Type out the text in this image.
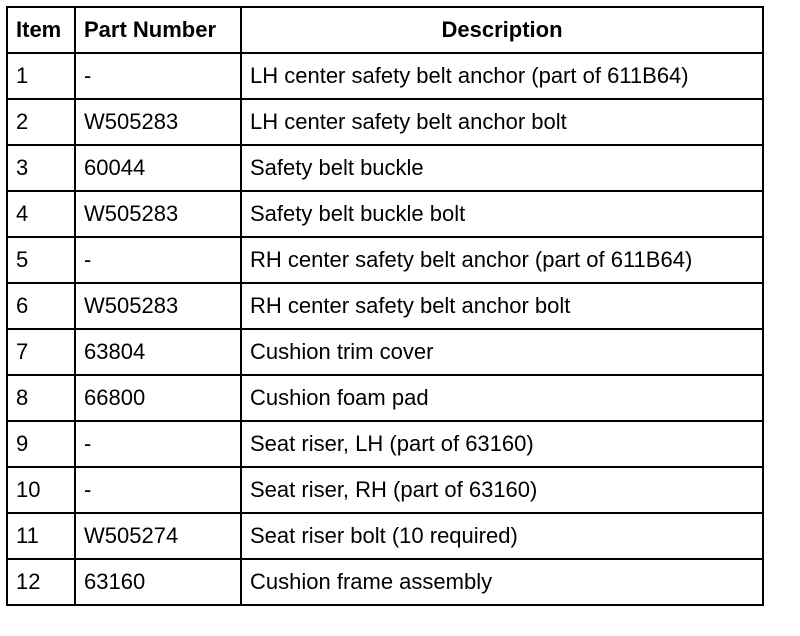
Item	Part Number	Description
1	-	LH center safety belt anchor (part of 611B64)
2	W505283	LH center safety belt anchor bolt
3	60044	Safety belt buckle
4	W505283	Safety belt buckle bolt
5	-	RH center safety belt anchor (part of 611B64)
6	W505283	RH center safety belt anchor bolt
7	63804	Cushion trim cover
8	66800	Cushion foam pad
9	-	Seat riser, LH (part of 63160)
10	-	Seat riser, RH (part of 63160)
11	W505274	Seat riser bolt (10 required)
12	63160	Cushion frame assembly
